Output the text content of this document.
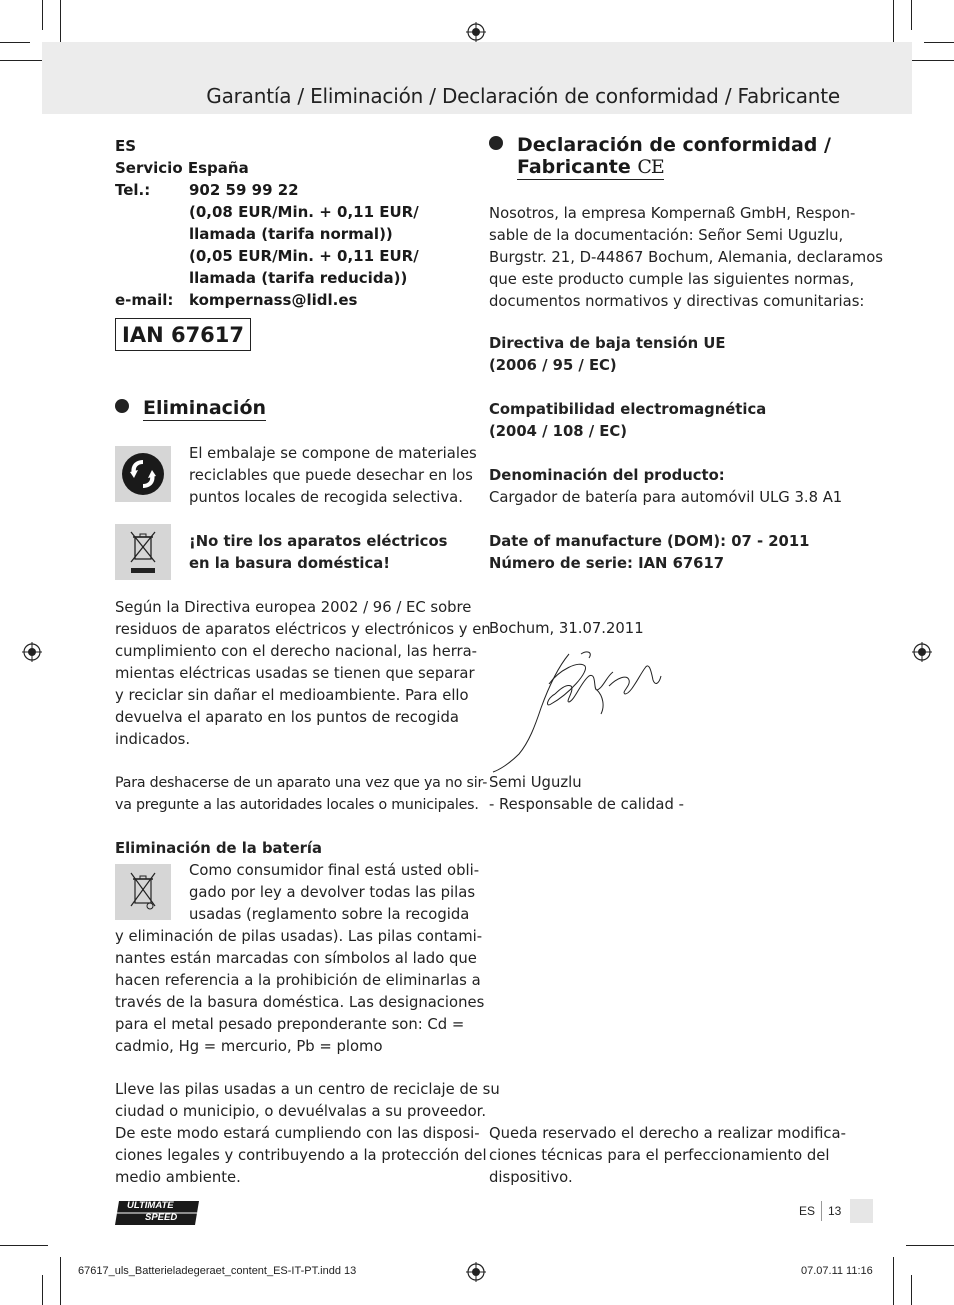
Garantía / Eliminación / Declaración de conformidad / Fabricante
ES
Servicio España
Tel.:	902 59 99 22
(0,08 EUR/Min. + 0,11 EUR/
llamada (tarifa normal))
(0,05 EUR/Min. + 0,11 EUR/
llamada (tarifa reducida))
e-mail: kompernass@lidl.es
IAN 67617
Eliminación
El embalaje se compone de materiales
reciclables que puede desechar en los
puntos locales de recogida selectiva.
¡No tire los aparatos eléctricos
en la basura doméstica!
Según la Directiva europea 2002 / 96 / EC sobre
residuos de aparatos eléctricos y electrónicos y en
cumplimiento con el derecho nacional, las herra-
mientas eléctricas usadas se tienen que separar
y reciclar sin dañar el medioambiente. Para ello
devuelva el aparato en los puntos de recogida
indicados.
Para deshacerse de un aparato una vez que ya no sir-
va pregunte a las autoridades locales o municipales.
Eliminación de la batería
Como consumidor final está usted obli-
gado por ley a devolver todas las pilas
usadas (reglamento sobre la recogida
y eliminación de pilas usadas). Las pilas contami-
nantes están marcadas con símbolos al lado que
hacen referencia a la prohibición de eliminarlas a
través de la basura doméstica. Las designaciones
para el metal pesado preponderante son: Cd =
cadmio, Hg = mercurio, Pb = plomo
Lleve las pilas usadas a un centro de reciclaje de su
ciudad o municipio, o devuélvalas a su proveedor.
De este modo estará cumpliendo con las disposi-
ciones legales y contribuyendo a la protección del
medio ambiente.
Declaración de conformidad /
Fabricante CE
Nosotros, la empresa Kompernaß GmbH, Respon-
sable de la documentación: Señor Semi Uguzlu,
Burgstr. 21, D-44867 Bochum, Alemania, declaramos
que este producto cumple las siguientes normas,
documentos normativos y directivas comunitarias:
Directiva de baja tensión UE
(2006 / 95 / EC)
Compatibilidad electromagnética
(2004 / 108 / EC)
Denominación del producto:
Cargador de batería para automóvil ULG 3.8 A1
Date of manufacture (DOM): 07 - 2011
Número de serie: IAN 67617
Bochum, 31.07.2011
Semi Uguzlu
- Responsable de calidad -
Queda reservado el derecho a realizar modifica-
ciones técnicas para el perfeccionamiento del
dispositivo.
ULTIMATE
SPEED	ES 13
67617_uls_Batterieladegeraet_content_ES-IT-PT.indd 13	07.07.11 11:16
